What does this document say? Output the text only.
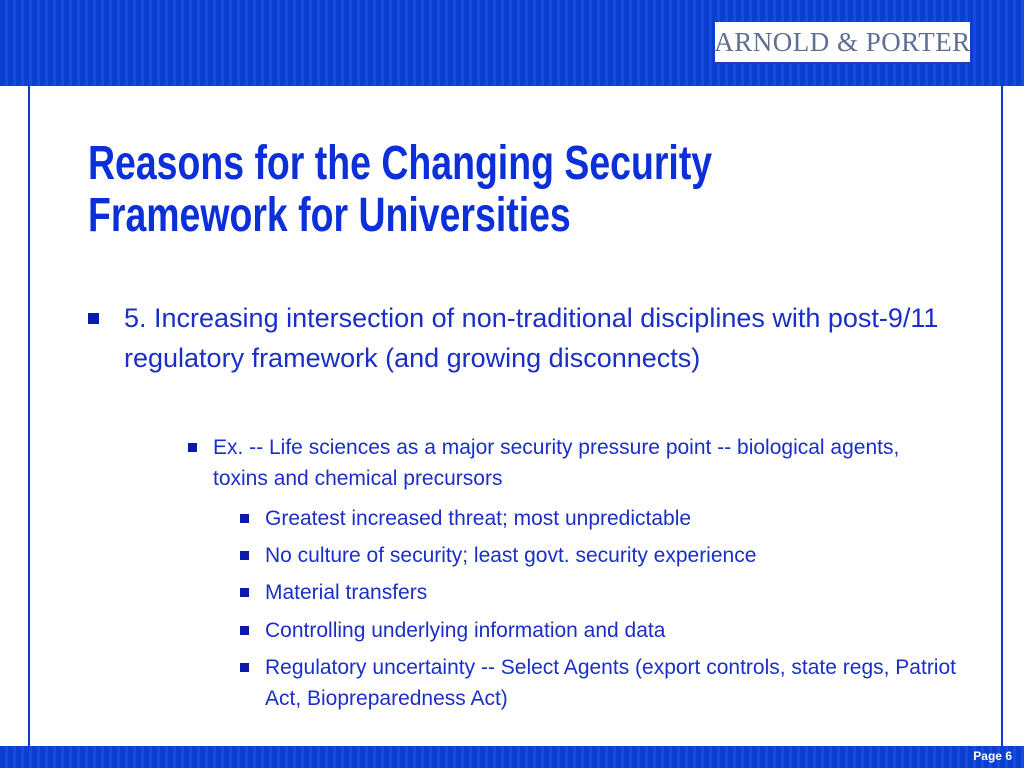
ARNOLD & PORTER
Reasons for the Changing Security
Framework for Universities
5. Increasing intersection of non-traditional disciplines with post-9/11 regulatory framework (and growing disconnects)
Ex. -- Life sciences as a major security pressure point -- biological agents, toxins and chemical precursors
Greatest increased threat; most unpredictable
No culture of security; least govt. security experience
Material transfers
Controlling underlying information and data
Regulatory uncertainty -- Select Agents (export controls, state regs, Patriot Act, Biopreparedness Act)
Page 6
